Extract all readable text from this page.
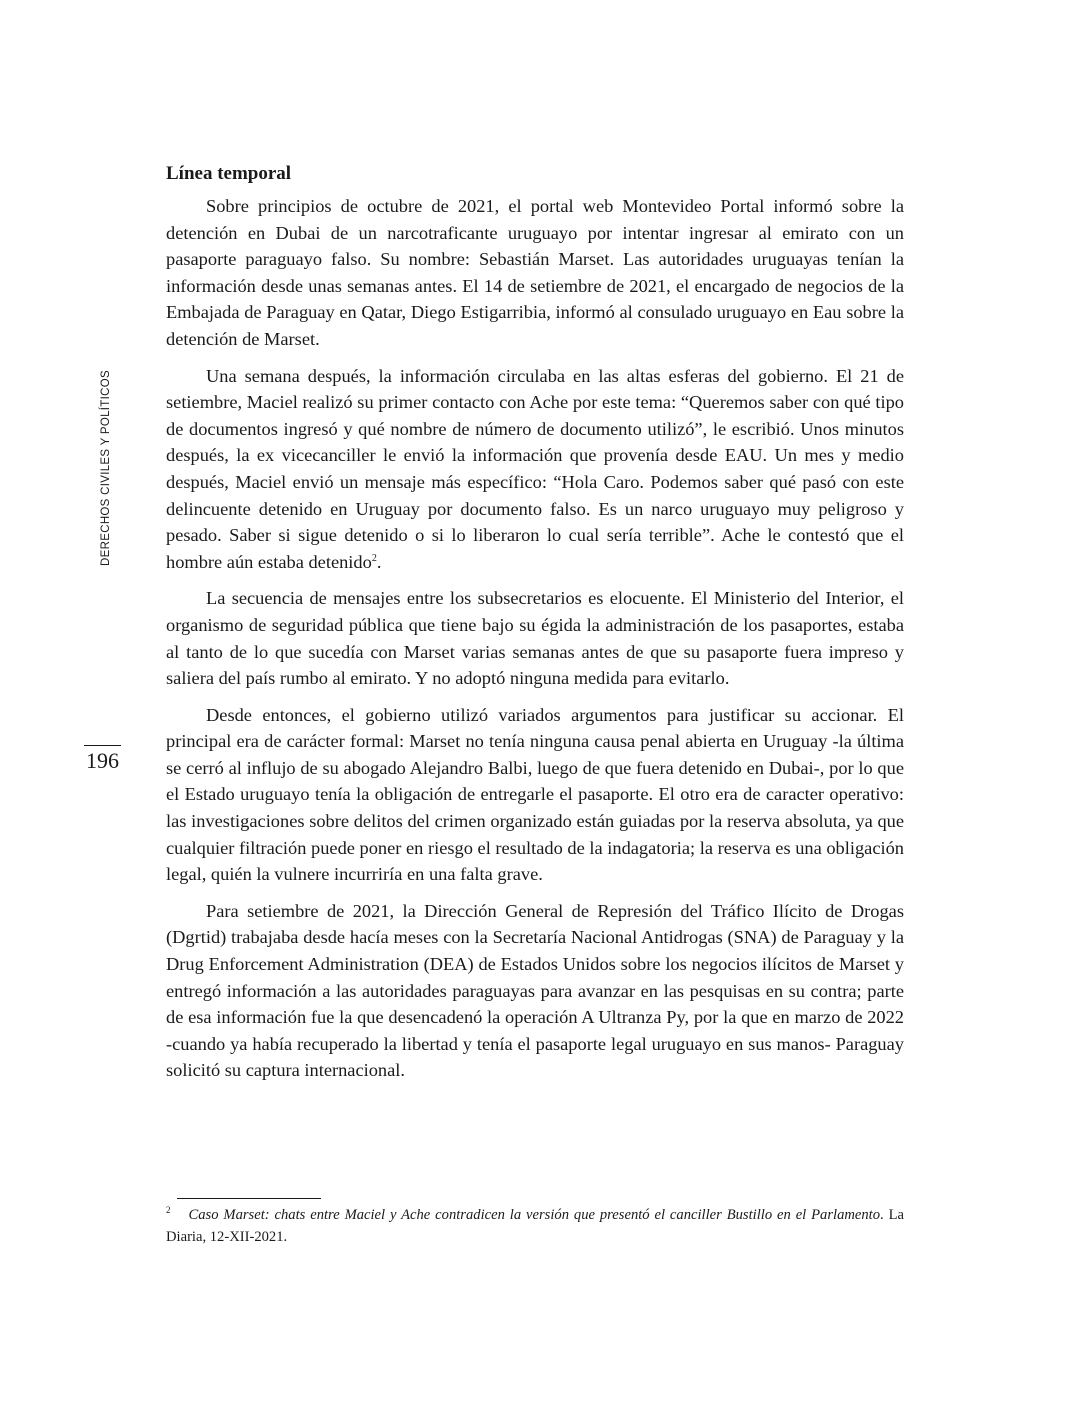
DERECHOS CIVILES Y POLÍTICOS
196
Línea temporal

Sobre principios de octubre de 2021, el portal web Montevideo Portal informó sobre la detención en Dubai de un narcotraficante uruguayo por intentar ingresar al emirato con un pasaporte paraguayo falso. Su nombre: Sebastián Marset. Las autoridades uruguayas tenían la información desde unas semanas antes. El 14 de setiembre de 2021, el encargado de negocios de la Embajada de Paraguay en Qatar, Diego Estigarribia, informó al consulado uruguayo en Eau sobre la detención de Marset.

Una semana después, la información circulaba en las altas esferas del gobierno. El 21 de setiembre, Maciel realizó su primer contacto con Ache por este tema: “Queremos saber con qué tipo de documentos ingresó y qué nombre de número de documento utilizó”, le escribió. Unos minutos después, la ex vicecanciller le envió la información que provenía desde EAU. Un mes y medio después, Maciel envió un mensaje más específico: “Hola Caro. Podemos saber qué pasó con este delincuente detenido en Uruguay por documento falso. Es un narco uruguayo muy peligroso y pesado. Saber si sigue detenido o si lo liberaron lo cual sería terrible”. Ache le contestó que el hombre aún estaba detenido$^2$.

La secuencia de mensajes entre los subsecretarios es elocuente. El Ministerio del Interior, el organismo de seguridad pública que tiene bajo su égida la administración de los pasaportes, estaba al tanto de lo que sucedía con Marset varias semanas antes de que su pasaporte fuera impreso y saliera del país rumbo al emirato. Y no adoptó ninguna medida para evitarlo.

Desde entonces, el gobierno utilizó variados argumentos para justificar su accionar. El principal era de carácter formal: Marset no tenía ninguna causa penal abierta en Uruguay -la última se cerró al influjo de su abogado Alejandro Balbi, luego de que fuera detenido en Dubai-, por lo que el Estado uruguayo tenía la obligación de entregarle el pasaporte. El otro era de caracter operativo: las investigaciones sobre delitos del crimen organizado están guiadas por la reserva absoluta, ya que cualquier filtración puede poner en riesgo el resultado de la indagatoria; la reserva es una obligación legal, quién la vulnere incurriría en una falta grave.

Para setiembre de 2021, la Dirección General de Represión del Tráfico Ilícito de Drogas (Dgrtid) trabajaba desde hacía meses con la Secretaría Nacional Antidrogas (SNA) de Paraguay y la Drug Enforcement Administration (DEA) de Estados Unidos sobre los negocios ilícitos de Marset y entregó información a las autoridades paraguayas para avanzar en las pesquisas en su contra; parte de esa información fue la que desencadenó la operación A Ultranza Py, por la que en marzo de 2022 -cuando ya había recuperado la libertad y tenía el pasaporte legal uruguayo en sus manos- Paraguay solicitó su captura internacional.

$^2$ Caso Marset: chats entre Maciel y Ache contradicen la versión que presentó el canciller Bustillo en el Parlamento. La Diaria, 12-XII-2021.
